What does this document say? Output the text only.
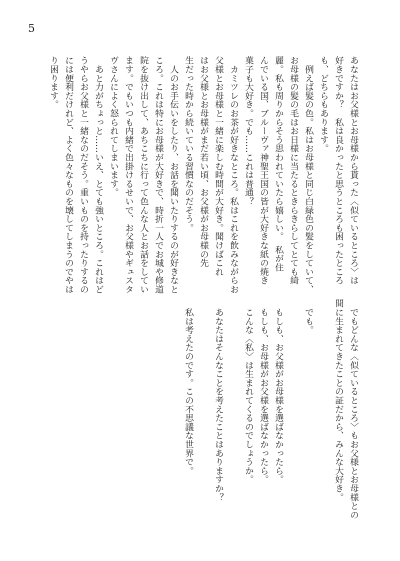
5
あなたはお父様とお母様から貰った〈似ているところ〉は
好きですか？　私は良かったと思うところも困ったところ
も、どちらもあります。
　例えば髪の色。私はお母様と同じ白緑色の髪をしていて、
お母様の髪の毛はお日様に当たるときらきらしてとても綺
麗。私も周りからそう思われていたら嬉しい。　私が住
んでいる国、ブルーヴァ神聖王国の皆が大好きな紙の焼き
菓子も大好き。でも……これは普通？
　カミツレのお茶が好きなところ。私はこれを飲みながらお
父様とお母様と一緒に楽しむ時間が大好き。聞けばこれ
はお父様とお母様がまだ若い頃、お父様がお母様の先
生だった時から続いている習慣なのだそう。
　人のお手伝いをしたり、お話を聞いたりするのが好きなと
ころ。これは特にお母様が大好きで、時折一人でお城や修道
院を抜け出して、あちこちに行って色んな人とお話をしてい
ます。でもいつも内緒で出掛けるせいで、お父様やギュスタ
ヴさんによく怒られてしまいます。
　あと力がちょっと……いえ、とても強いところ。これはど
うやらお父様と一緒なのだそう。重いものを持ったりするの
には便利だけれど、よく色々なものを壊してしまうのでやは
り困ります。
　でもどんな〈似ているところ〉もお父様とお母様との
間に生まれてきたことの証だから、みんな大好き。
　でも。
　もしも、お父様がお母様を選ばなかったら。
　もしも、お母様がお父様を選ばなかったら。
　こんな〈私〉は生まれてくるのでしょうか。
　あなたはそんなことを考えたことはありますか？
　私は考えたのです。この不思議な世界で。
